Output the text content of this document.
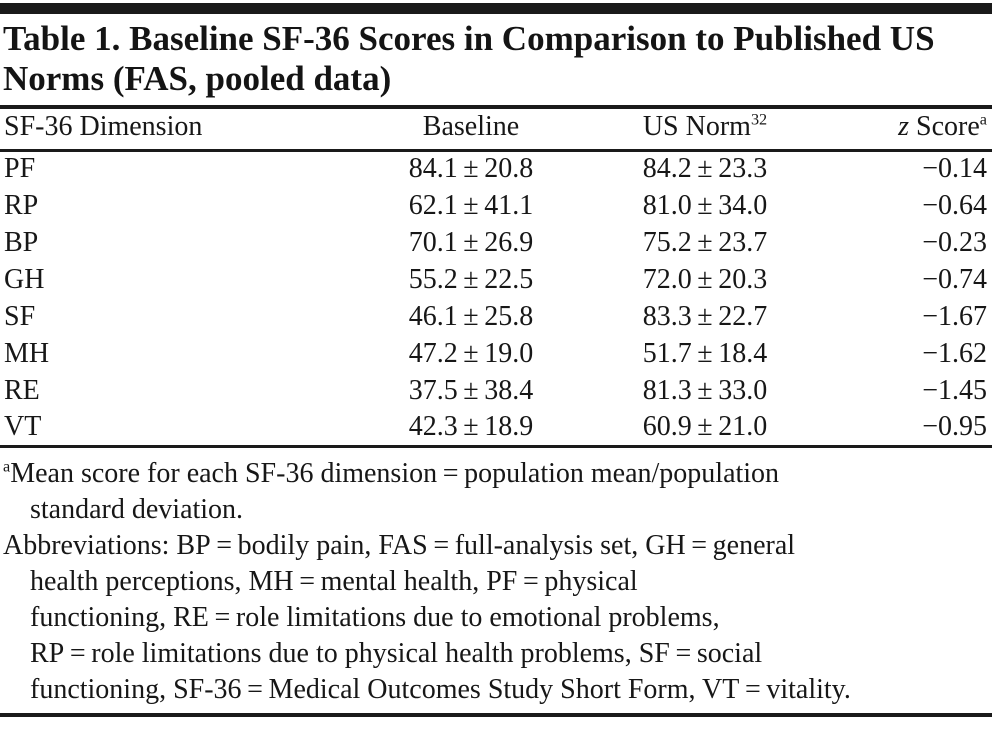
Table 1. Baseline SF-36 Scores in Comparison to Published US
Norms (FAS, pooled data)
SF-36 Dimension	Baseline	US Norm$^{32}$	z Score$^a$
PF	84.1 ± 20.8	84.2 ± 23.3	−0.14
RP	62.1 ± 41.1	81.0 ± 34.0	−0.64
BP	70.1 ± 26.9	75.2 ± 23.7	−0.23
GH	55.2 ± 22.5	72.0 ± 20.3	−0.74
SF	46.1 ± 25.8	83.3 ± 22.7	−1.67
MH	47.2 ± 19.0	51.7 ± 18.4	−1.62
RE	37.5 ± 38.4	81.3 ± 33.0	−1.45
VT	42.3 ± 18.9	60.9 ± 21.0	−0.95
$^a$Mean score for each SF-36 dimension = population mean/population
standard deviation.
Abbreviations: BP = bodily pain, FAS = full-analysis set, GH = general
health perceptions, MH = mental health, PF = physical
functioning, RE = role limitations due to emotional problems,
RP = role limitations due to physical health problems, SF = social
functioning, SF-36 = Medical Outcomes Study Short Form, VT = vitality.
